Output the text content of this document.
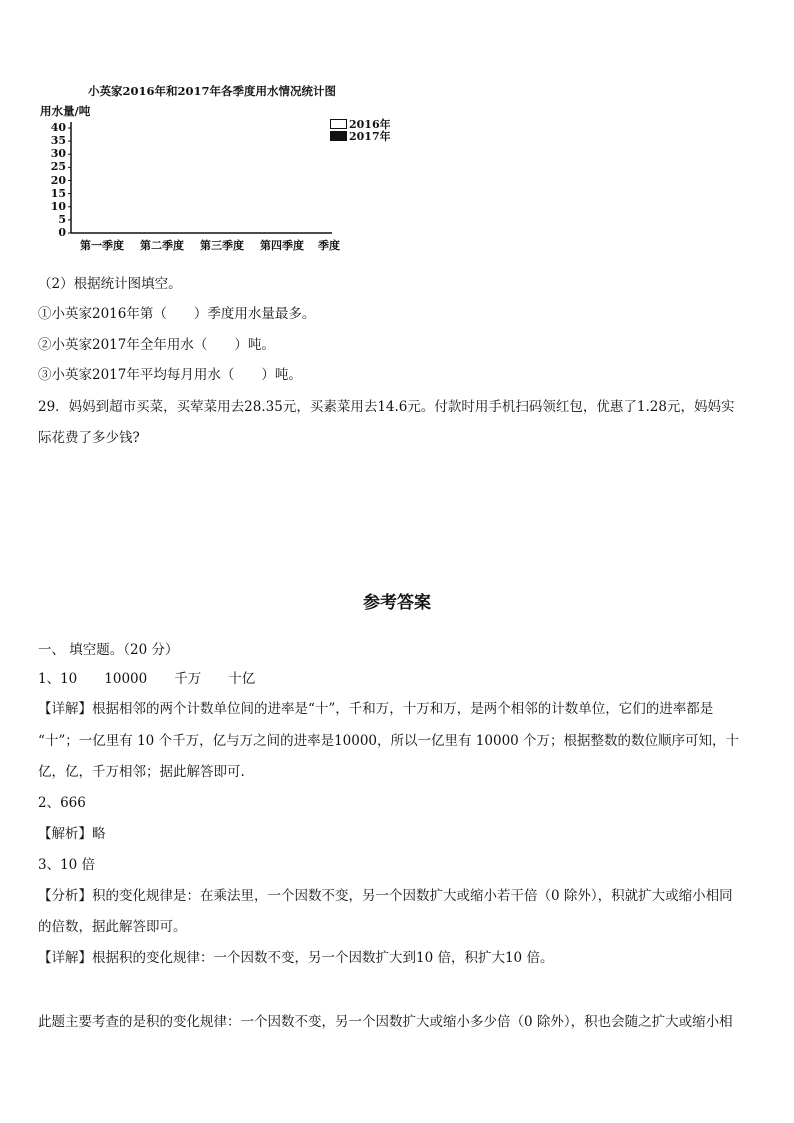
小英家2016年和2017年各季度用水情况统计图
用水量/吨
0
5
10
15
20
25
30
35
40
第一季度 第二季度 第三季度 第四季度 季度
2016年
2017年
（2）根据统计图填空。
①小英家2016年第（　　）季度用水量最多。
②小英家2017年全年用水（　　）吨。
③小英家2017年平均每月用水（　　）吨。
29．妈妈到超市买菜，买荤菜用去28.35元，买素菜用去14.6元。付款时用手机扫码领红包，优惠了1.28元，妈妈实
际花费了多少钱?
参考答案
一、 填空题。（20 分）
1、10　　10000　　千万　　十亿
【详解】根据相邻的两个计数单位间的进率是“十”，千和万，十万和万，是两个相邻的计数单位，它们的进率都是
“十”；一亿里有 10 个千万，亿与万之间的进率是10000，所以一亿里有 10000 个万；根据整数的数位顺序可知，十
亿，亿，千万相邻；据此解答即可.
2、666
【解析】略
3、10 倍
【分析】积的变化规律是：在乘法里，一个因数不变，另一个因数扩大或缩小若干倍（0 除外），积就扩大或缩小相同
的倍数，据此解答即可。
【详解】根据积的变化规律：一个因数不变，另一个因数扩大到10 倍，积扩大10 倍。
此题主要考查的是积的变化规律：一个因数不变，另一个因数扩大或缩小多少倍（0 除外），积也会随之扩大或缩小相
